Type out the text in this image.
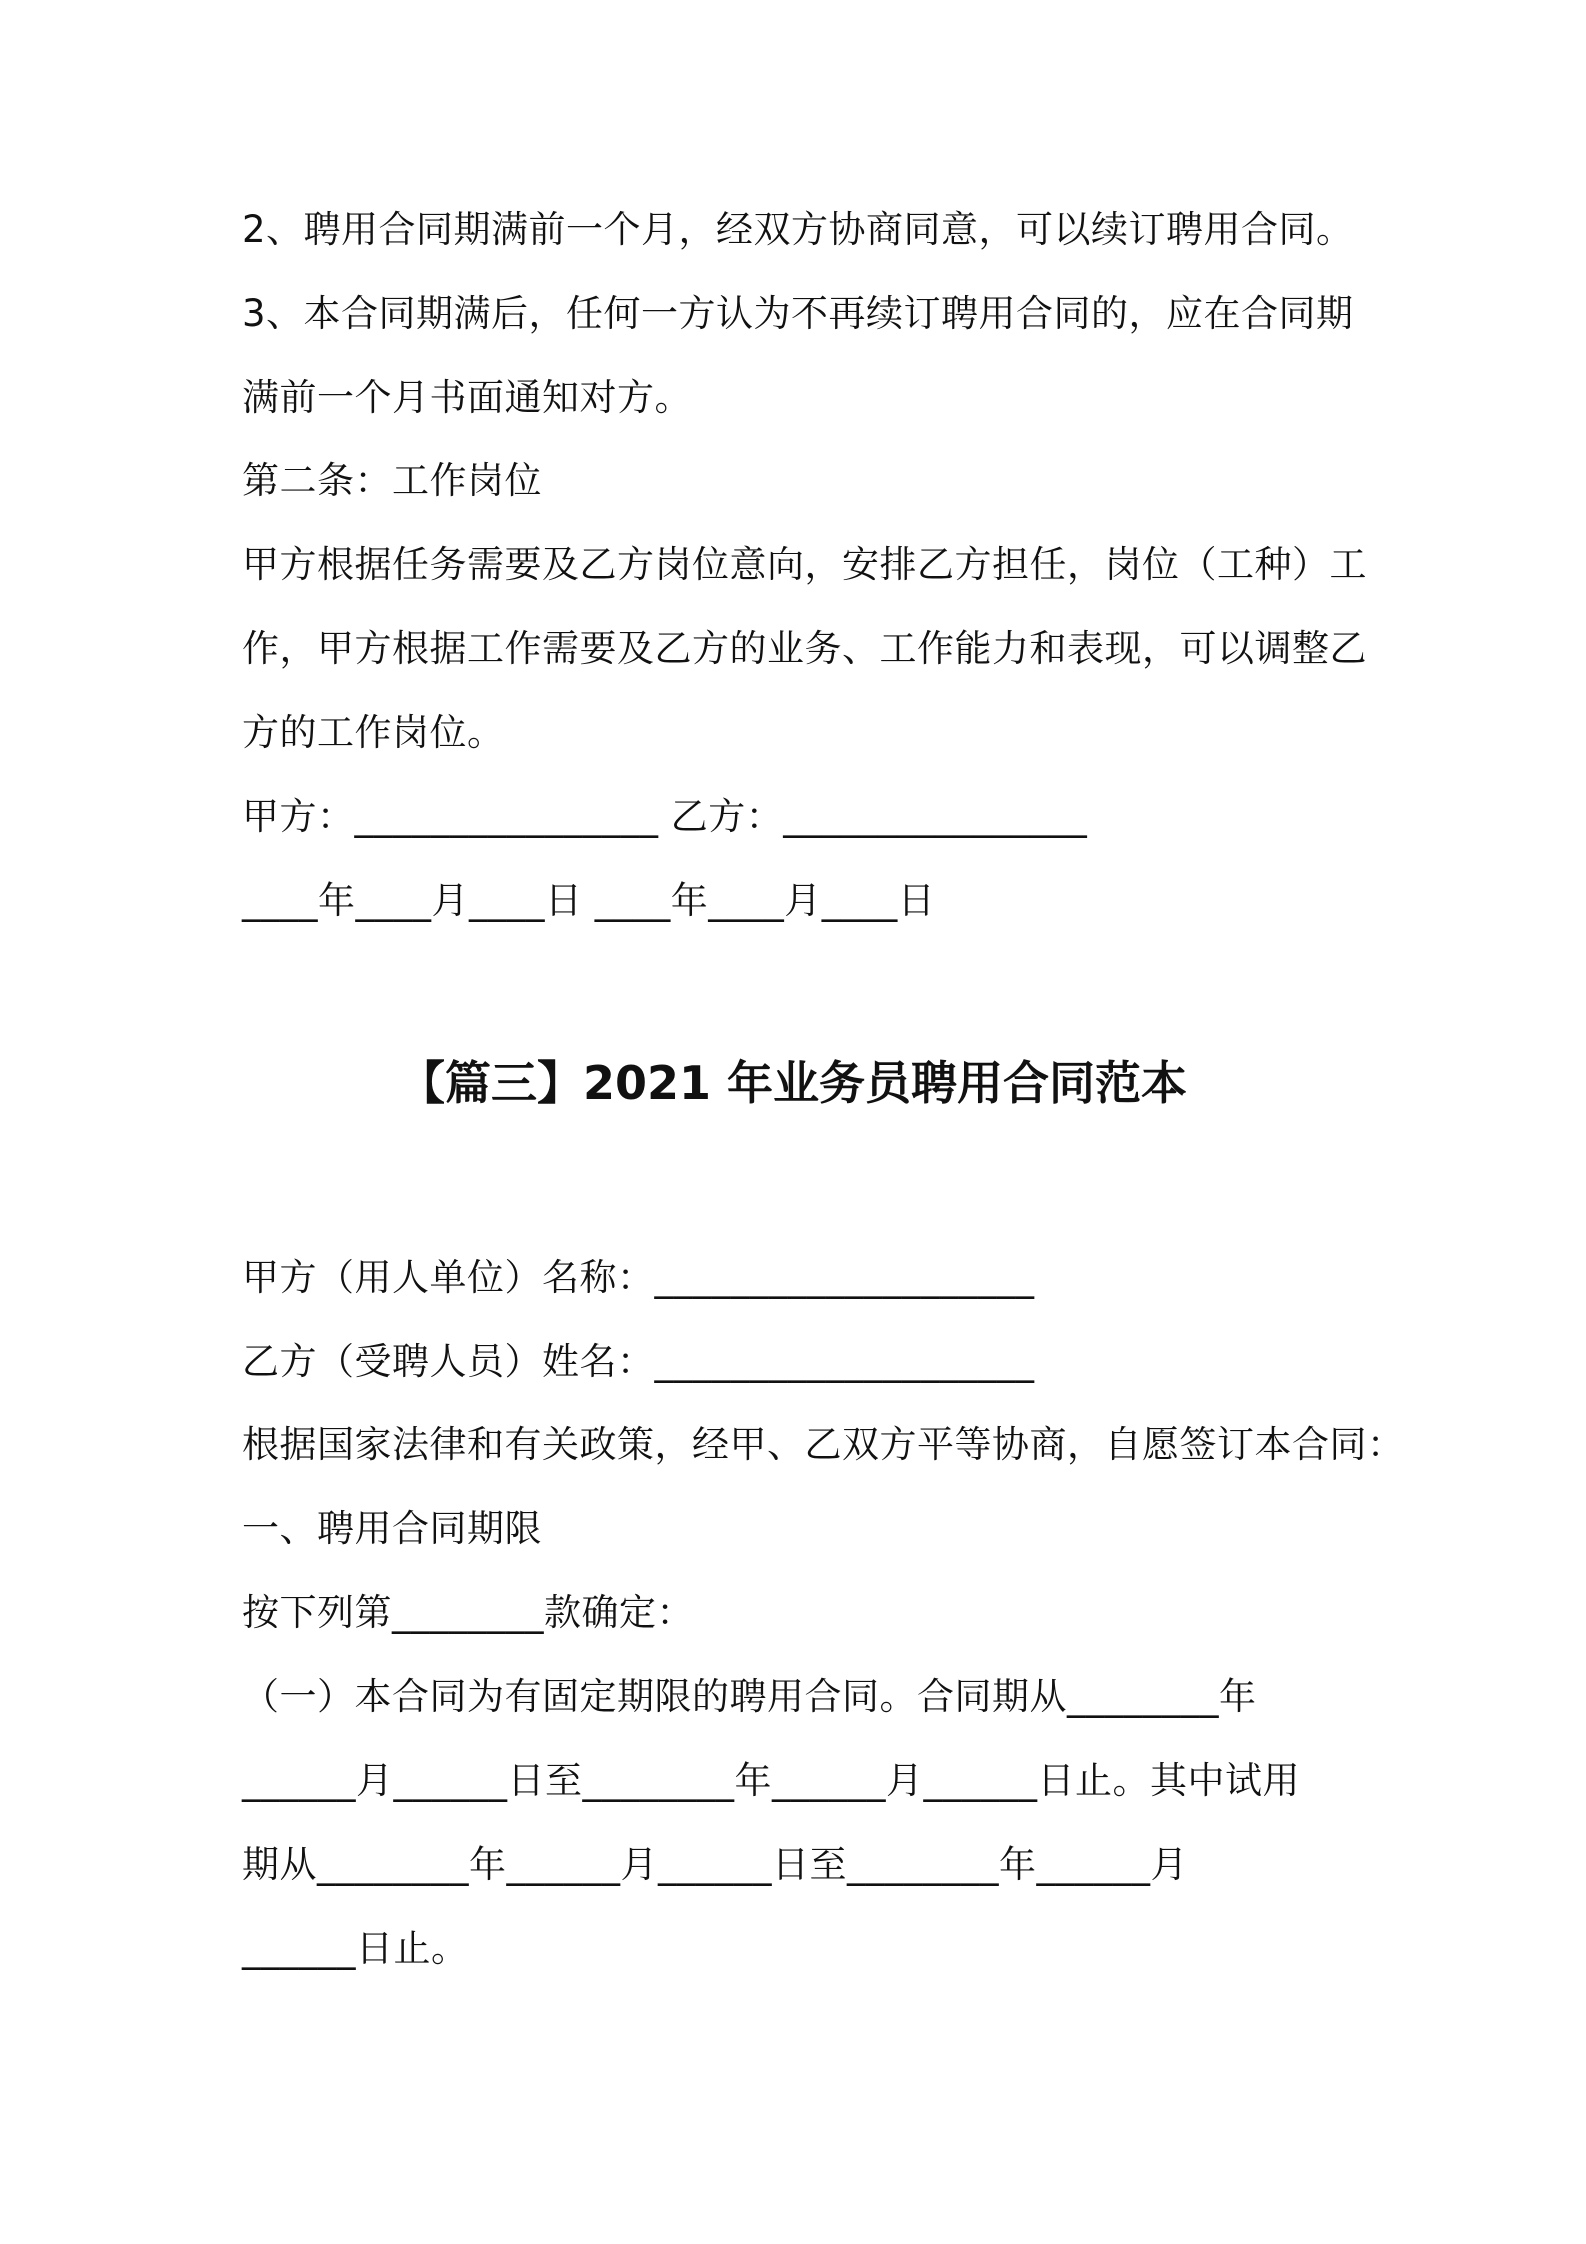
2、聘用合同期满前一个月，经双方协商同意，可以续订聘用合同。

3、本合同期满后，任何一方认为不再续订聘用合同的，应在合同期

满前一个月书面通知对方。

第二条：工作岗位

甲方根据任务需要及乙方岗位意向，安排乙方担任，岗位（工种）工

作，甲方根据工作需要及乙方的业务、工作能力和表现，可以调整乙

方的工作岗位。

甲方：________________ 乙方：________________

____年____月____日 ____年____月____日

【篇三】2021 年业务员聘用合同范本

甲方（用人单位）名称：____________________

乙方（受聘人员）姓名：____________________

根据国家法律和有关政策，经甲、乙双方平等协商，自愿签订本合同：

一、聘用合同期限

按下列第________款确定：

（一）本合同为有固定期限的聘用合同。合同期从________年

______月______日至________年______月______日止。其中试用

期从________年______月______日至________年______月

______日止。
